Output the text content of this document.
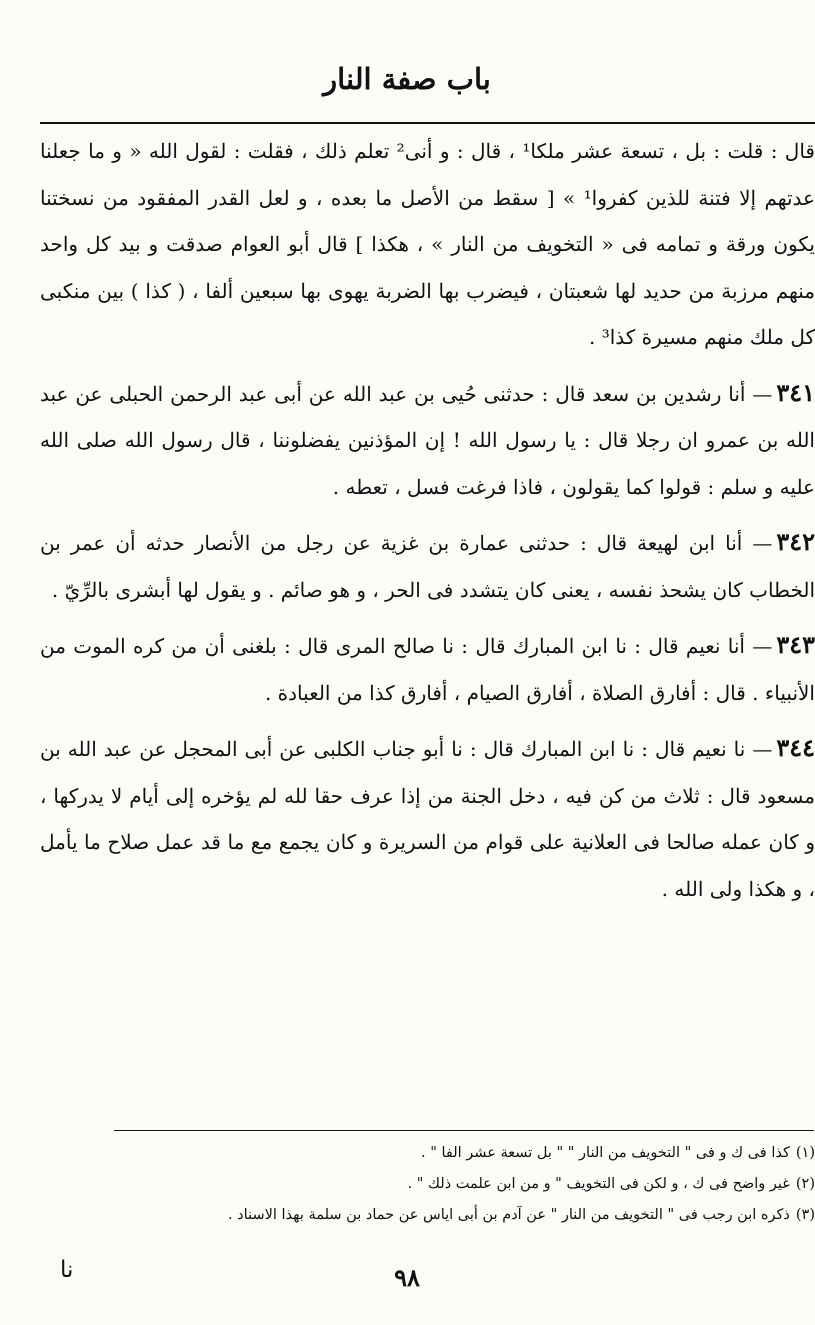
باب صفة النار

قال : قلت : بل ، تسعة عشر ملكا¹ ، قال : و أنى² تعلم ذلك ، فقلت : لقول الله « و ما جعلنا عدتهم إلا فتنة للذين كفروا¹ » [ سقط من الأصل ما بعده ، و لعل القدر المفقود من نسختنا يكون ورقة و تمامه فى « التخويف من النار » ، هكذا ] قال أبو العوام صدقت و بيد كل واحد منهم مرزبة من حديد لها شعبتان ، فيضرب بها الضربة يهوى بها سبعين ألفا ، ( كذا ) بين منكبى كل ملك منهم مسيرة كذا³ .

٣٤١— أنا رشدين بن سعد قال : حدثنى حُيى بن عبد الله عن أبى عبد الرحمن الحبلى عن عبد الله بن عمرو ان رجلا قال : يا رسول الله ! إن المؤذنين يفضلوننا ، قال رسول الله صلى الله عليه و سلم : قولوا كما يقولون ، فاذا فرغت فسل ، تعطه .

٣٤٢— أنا ابن لهيعة قال : حدثنى عمارة بن غزية عن رجل من الأنصار حدثه أن عمر بن الخطاب كان يشحذ نفسه ، يعنى كان يتشدد فى الحر ، و هو صائم . و يقول لها أبشرى بالرِّيّ .

٣٤٣— أنا نعيم قال : نا ابن المبارك قال : نا صالح المرى قال : بلغنى أن من كره الموت من الأنبياء . قال : أفارق الصلاة ، أفارق الصيام ، أفارق كذا من العبادة .

٣٤٤— نا نعيم قال : نا ابن المبارك قال : نا أبو جناب الكلبى عن أبى المحجل عن عبد الله بن مسعود قال : ثلاث من كن فيه ، دخل الجنة من إذا عرف حقا لله لم يؤخره إلى أيام لا يدركها ، و كان عمله صالحا فى العلانية على قوام من السريرة و كان يجمع مع ما قد عمل صلاح ما يأمل ، و هكذا ولى الله .

(١)كذا فى ك و فى " التخويف من النار " " بل تسعة عشر الفا " .

(٢)غير واضح فى ك ، و لكن فى التخويف " و من ابن علمت ذلك " .

(٣)ذكره ابن رجب فى " التخويف من النار " عن آدم بن أبى اياس عن حماد بن سلمة بهذا الاسناد .

٩٨
نا
